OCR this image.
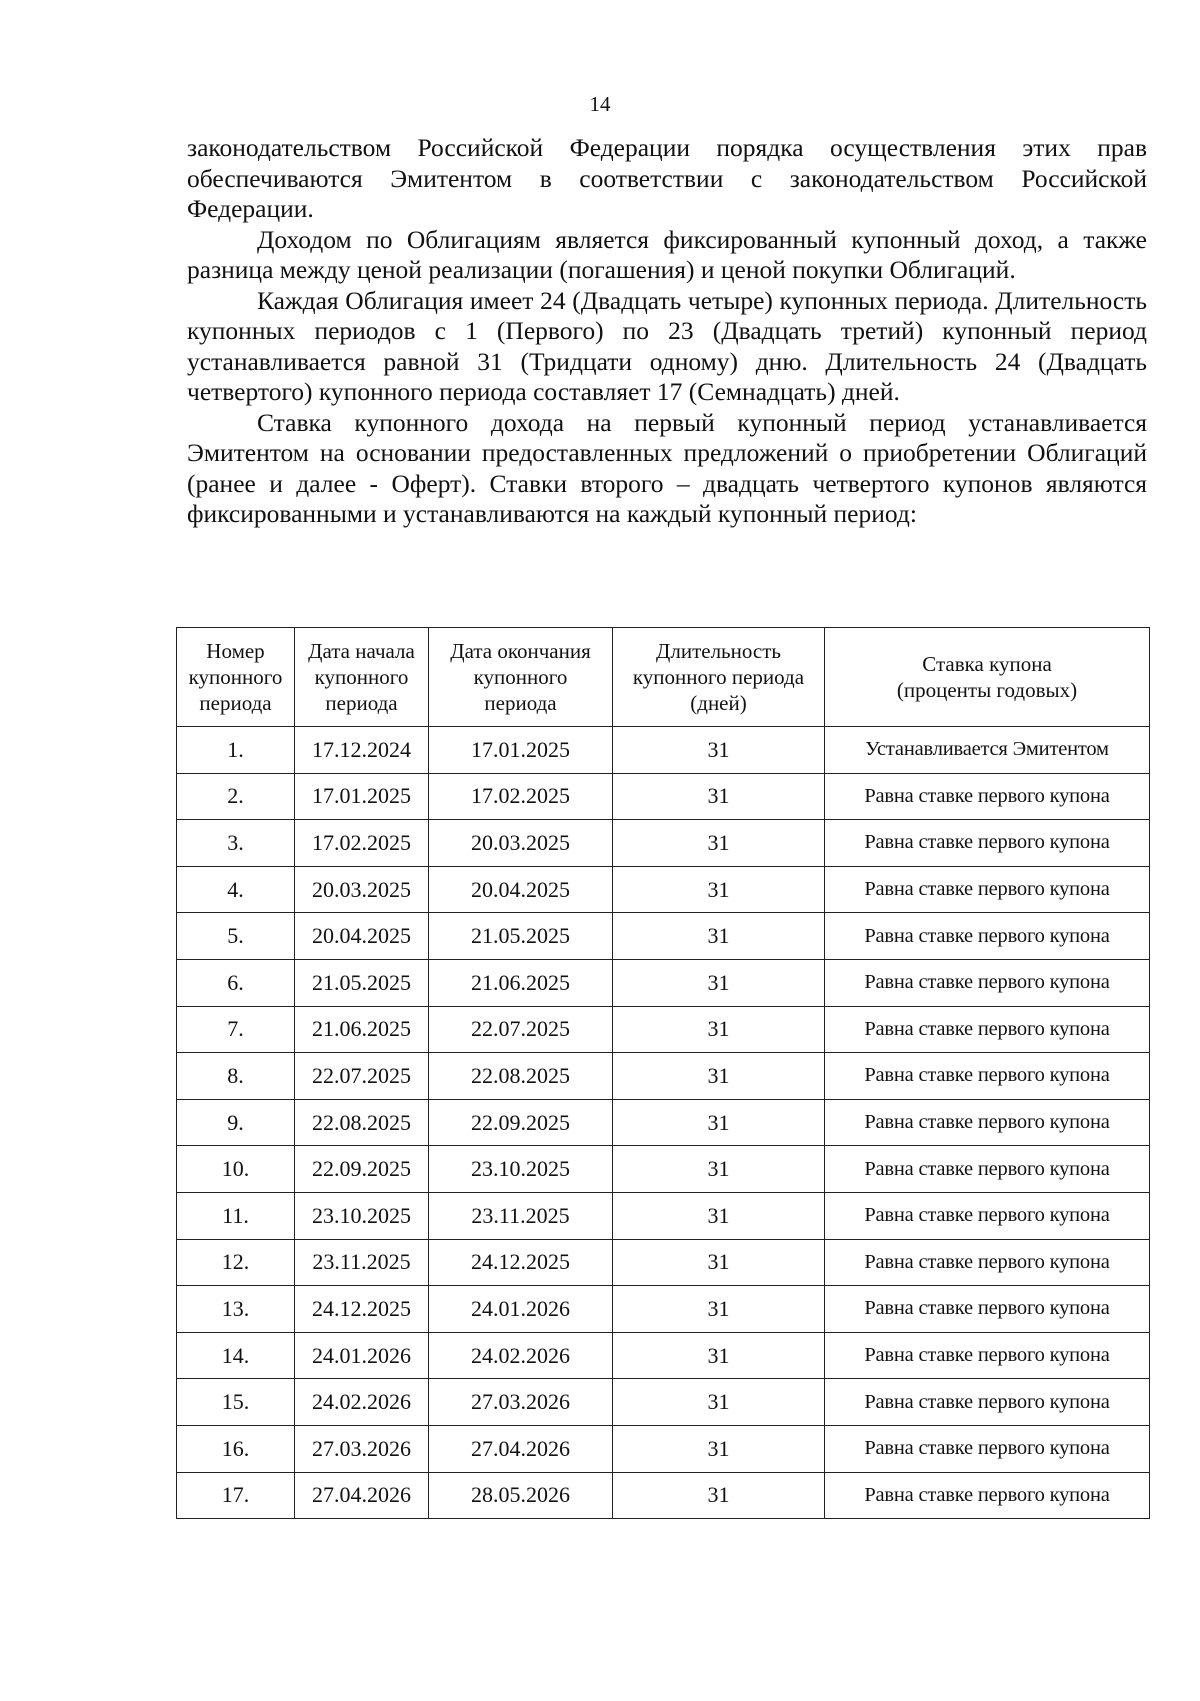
14

законодательством Российской Федерации порядка осуществления этих прав обеспечиваются Эмитентом в соответствии с законодательством Российской Федерации.

Доходом по Облигациям является фиксированный купонный доход, а также разница между ценой реализации (погашения) и ценой покупки Облигаций.

Каждая Облигация имеет 24 (Двадцать четыре) купонных периода. Длительность купонных периодов с 1 (Первого) по 23 (Двадцать третий) купонный период устанавливается равной 31 (Тридцати одному) дню. Длительность 24 (Двадцать четвертого) купонного периода составляет 17 (Семнадцать) дней.

Ставка купонного дохода на первый купонный период устанавливается Эмитентом на основании предоставленных предложений о приобретении Облигаций (ранее и далее - Оферт). Ставки второго – двадцать четвертого купонов являются фиксированными и устанавливаются на каждый купонный период:

Номер
купонного
периода	Дата начала
купонного
периода	Дата окончания
купонного
периода	Длительность
купонного периода
(дней)	Ставка купона
(проценты годовых)

1.	17.12.2024	17.01.2025	31	Устанавливается Эмитентом
2.	17.01.2025	17.02.2025	31	Равна ставке первого купона
3.	17.02.2025	20.03.2025	31	Равна ставке первого купона
4.	20.03.2025	20.04.2025	31	Равна ставке первого купона
5.	20.04.2025	21.05.2025	31	Равна ставке первого купона
6.	21.05.2025	21.06.2025	31	Равна ставке первого купона
7.	21.06.2025	22.07.2025	31	Равна ставке первого купона
8.	22.07.2025	22.08.2025	31	Равна ставке первого купона
9.	22.08.2025	22.09.2025	31	Равна ставке первого купона
10.	22.09.2025	23.10.2025	31	Равна ставке первого купона
11.	23.10.2025	23.11.2025	31	Равна ставке первого купона
12.	23.11.2025	24.12.2025	31	Равна ставке первого купона
13.	24.12.2025	24.01.2026	31	Равна ставке первого купона
14.	24.01.2026	24.02.2026	31	Равна ставке первого купона
15.	24.02.2026	27.03.2026	31	Равна ставке первого купона
16.	27.03.2026	27.04.2026	31	Равна ставке первого купона
17.	27.04.2026	28.05.2026	31	Равна ставке первого купона
